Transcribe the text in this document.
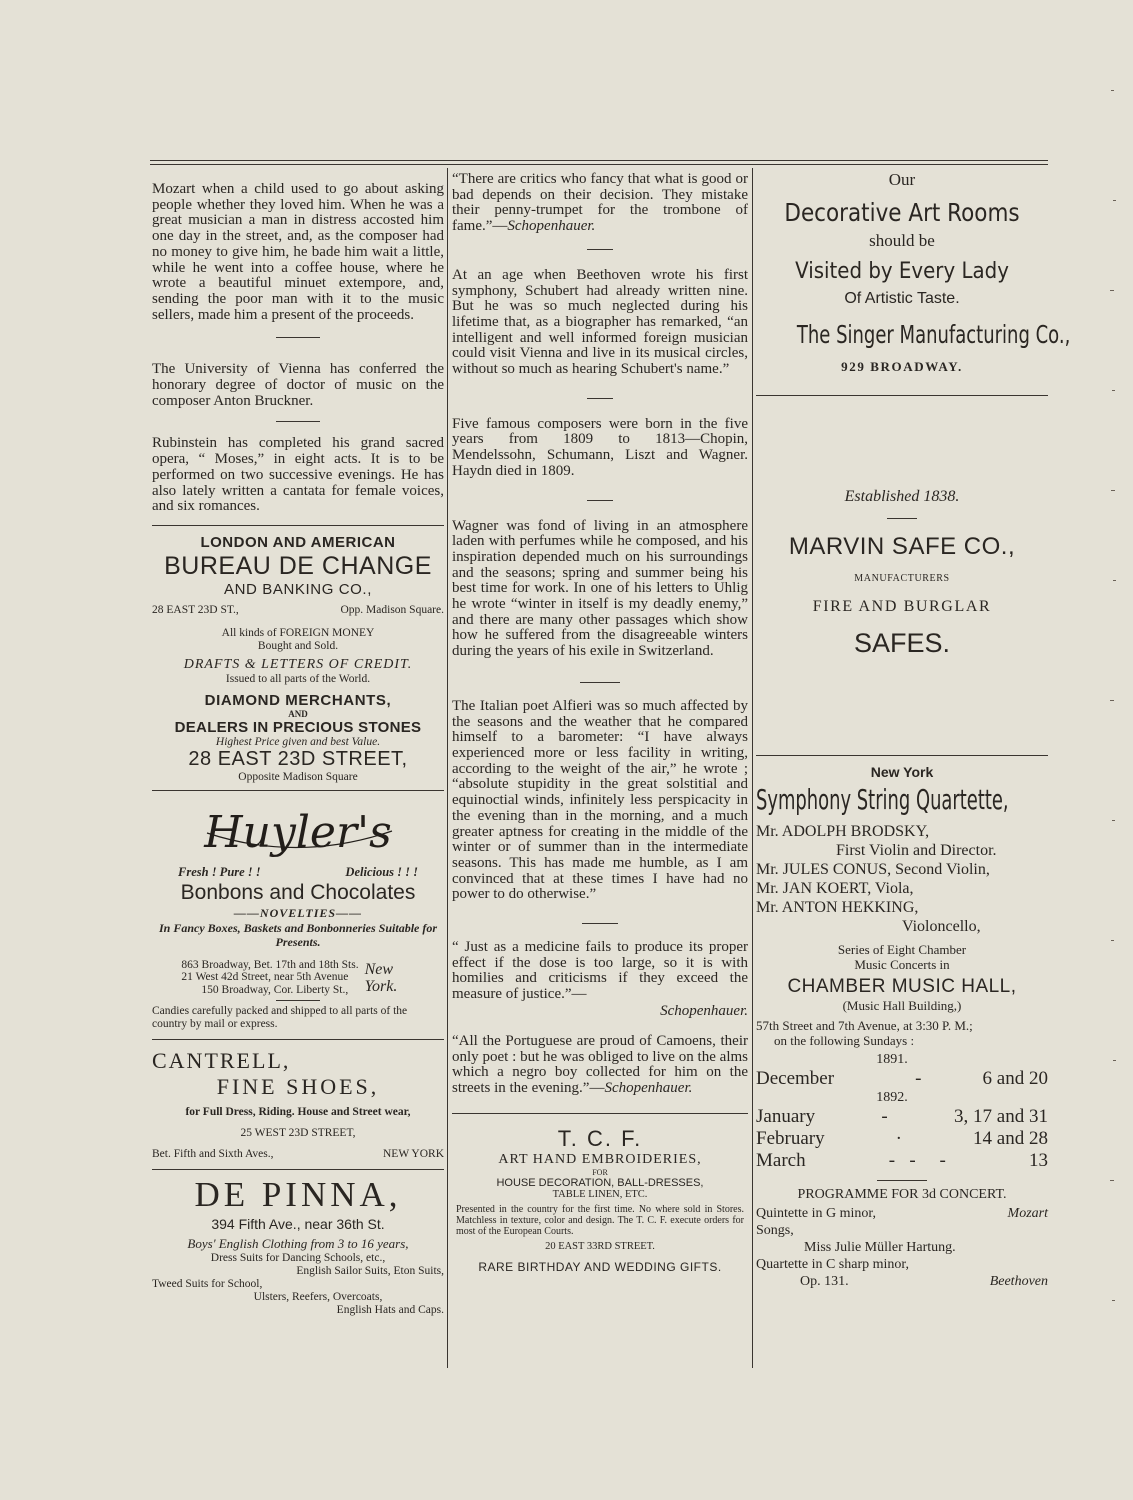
Mozart when a child used to go about asking people whether they loved him. When he was a great musician a man in distress accosted him one day in the street, and, as the composer had no money to give him, he bade him wait a little, while he went into a coffee house, where he wrote a beautiful minuet extempore, and, sending the poor man with it to the music sellers, made him a present of the proceeds.

The University of Vienna has conferred the honorary degree of doctor of music on the composer Anton Bruckner.

Rubinstein has completed his grand sacred opera, “ Moses,” in eight acts. It is to be performed on two successive evenings. He has also lately written a cantata for female voices, and six romances.

LONDON AND AMERICAN
BUREAU DE CHANGE
AND BANKING CO.,
28 EAST 23D ST.,	Opp. Madison Square.
All kinds of FOREIGN MONEY Bought and Sold.
DRAFTS & LETTERS OF CREDIT.
Issued to all parts of the World.
DIAMOND MERCHANTS,
AND
DEALERS IN PRECIOUS STONES
Highest Price given and best Value.
28 EAST 23D STREET,
Opposite Madison Square
Huyler's
Fresh ! Pure ! !	Delicious ! ! !
Bonbons and Chocolates
——NOVELTIES——
In Fancy Boxes, Baskets and Bonbonneries Suitable for Presents.
863 Broadway, Bet. 17th and 18th Sts.
21 West 42d Street, near 5th Avenue
150 Broadway, Cor. Liberty St.,
New York.
Candies carefully packed and shipped to all parts of the country by mail or express.
CANTRELL,
FINE SHOES,
for Full Dress, Riding. House and Street wear,
25 WEST 23D STREET,
Bet. Fifth and Sixth Aves.,	NEW YORK
DE PINNA,
394 Fifth Ave., near 36th St.
Boys' English Clothing from 3 to 16 years,
Dress Suits for Dancing Schools, etc.,
English Sailor Suits, Eton Suits,
Tweed Suits for School,
Ulsters, Reefers, Overcoats,
English Hats and Caps.

“There are critics who fancy that what is good or bad depends on their decision. They mistake their penny-trumpet for the trombone of fame.”—Schopenhauer.

At an age when Beethoven wrote his first symphony, Schubert had already written nine. But he was so much neglected during his lifetime that, as a biographer has remarked, “an intelligent and well informed foreign musician could visit Vienna and live in its musical circles, without so much as hearing Schubert's name.”

Five famous composers were born in the five years from 1809 to 1813—Chopin, Mendelssohn, Schumann, Liszt and Wagner. Haydn died in 1809.

Wagner was fond of living in an atmosphere laden with perfumes while he composed, and his inspiration depended much on his surroundings and the seasons; spring and summer being his best time for work. In one of his letters to Uhlig he wrote “winter in itself is my deadly enemy,” and there are many other passages which show how he suffered from the disagreeable winters during the years of his exile in Switzerland.

The Italian poet Alfieri was so much affected by the seasons and the weather that he compared himself to a barometer: “I have always experienced more or less facility in writing, according to the weight of the air,” he wrote ; “absolute stupidity in the great solstitial and equinoctial winds, infinitely less perspicacity in the evening than in the morning, and a much greater aptness for creating in the middle of the winter or of summer than in the intermediate seasons. This has made me humble, as I am convinced that at these times I have had no power to do otherwise.”

“ Just as a medicine fails to produce its proper effect if the dose is too large, so it is with homilies and criticisms if they exceed the measure of justice.”—

Schopenhauer.

“All the Portuguese are proud of Camoens, their only poet : but he was obliged to live on the alms which a negro boy collected for him on the streets in the evening.”—Schopenhauer.

T. C. F.
ART HAND EMBROIDERIES,
FOR
HOUSE DECORATION, BALL-DRESSES,
TABLE LINEN, ETC.
Presented in the country for the first time. No where sold in Stores. Matchless in texture, color and design. The T. C. F. execute orders for most of the European Courts.
20 EAST 33RD STREET.
RARE BIRTHDAY AND WEDDING GIFTS.
Our
Decorative Art Rooms
should be
Visited by Every Lady
Of Artistic Taste.
The Singer Manufacturing Co.,
929 BROADWAY.
Established 1838.
MARVIN SAFE CO.,
MANUFACTURERS
FIRE AND BURGLAR
SAFES.
New York
Symphony String Quartette,
Mr. ADOLPH BRODSKY,
First Violin and Director.
Mr. JULES CONUS, Second Violin,
Mr. JAN KOERT, Viola,
Mr. ANTON HEKKING,
Violoncello,
Series of Eight Chamber
Music Concerts in
CHAMBER MUSIC HALL,
(Music Hall Building,)
57th Street and 7th Avenue, at 3:30 P. M.;
on the following Sundays :
1891.
December	-	6 and 20
1892.
January	-	3, 17 and 31
February	·	14 and 28
March	-   -     -	13
PROGRAMME FOR 3d CONCERT.
Quintette in G minor,	Mozart
Songs,
Miss Julie Müller Hartung.
Quartette in C sharp minor,
Op. 131.	Beethoven
